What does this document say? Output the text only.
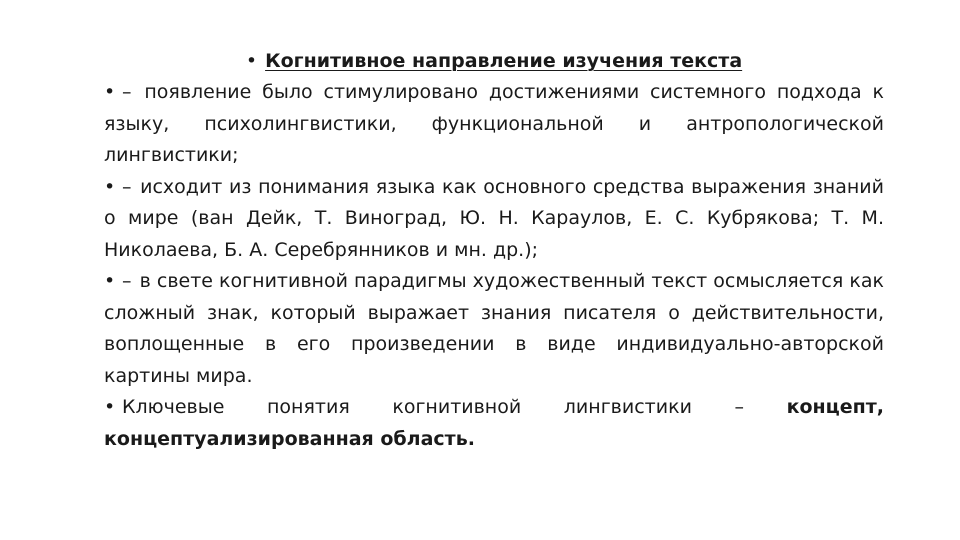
• Когнитивное направление изучения текста

• – появление было стимулировано достижениями системного подхода к языку, психолингвистики, функциональной и антропологической лингвистики;

• – исходит из понимания языка как основного средства выражения знаний о мире (ван Дейк, Т. Виноград, Ю. Н. Караулов, Е. С. Кубрякова; Т. М. Николаева, Б. А. Серебрянников и мн. др.);

• – в свете когнитивной парадигмы художественный текст осмысляется как сложный знак, который выражает знания писателя о действительности, воплощенные в его произведении в виде индивидуально-авторской картины мира.

• Ключевые понятия когнитивной лингвистики – концепт, концептуализированная область.
